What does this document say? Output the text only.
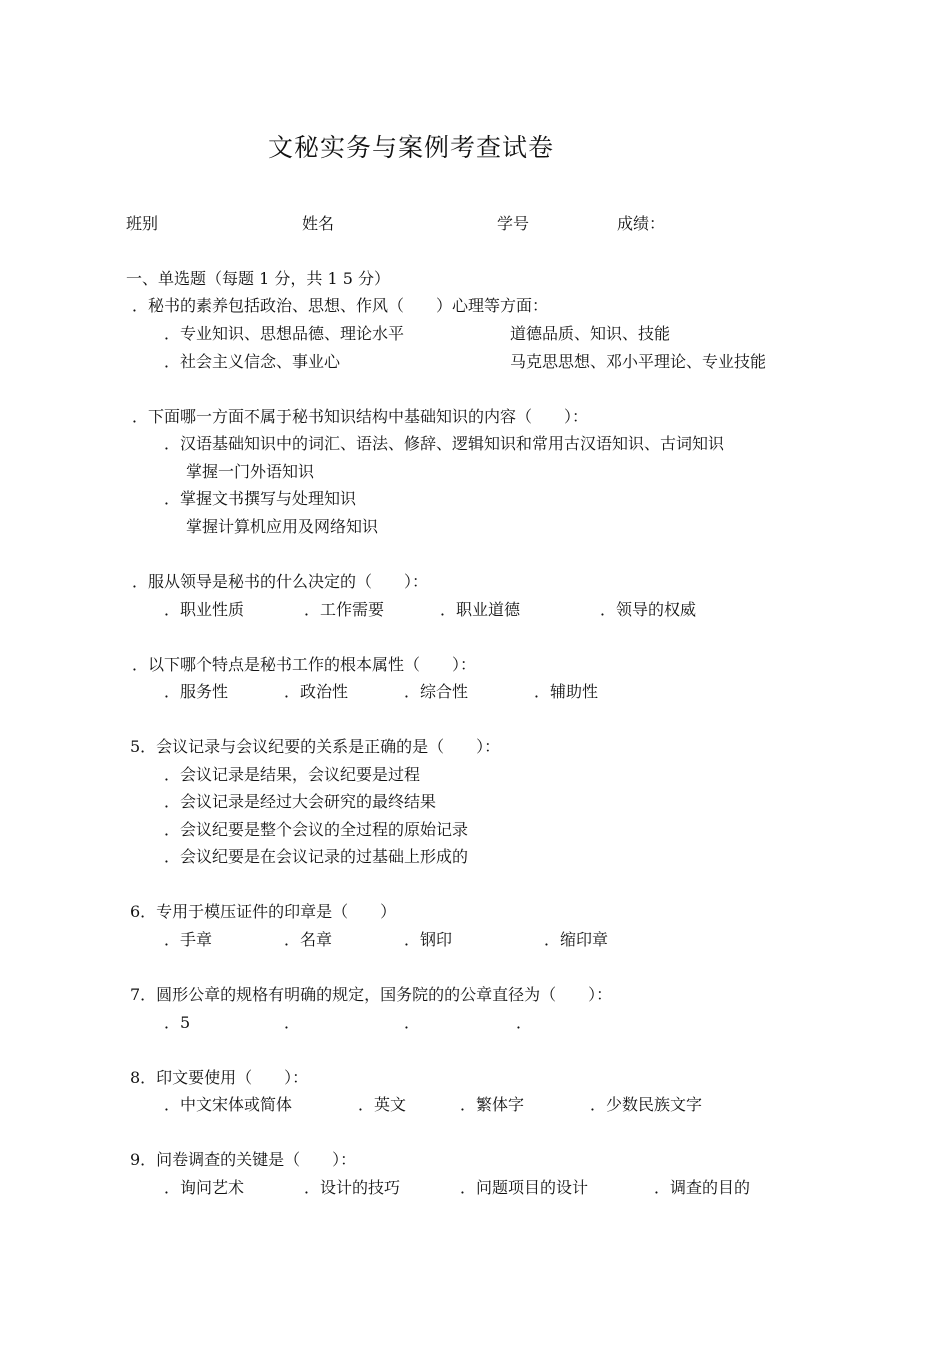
文秘实务与案例考查试卷
班别	姓名	学号	成绩：
一、单选题（每题 1 分，共 1 5 分）
．秘书的素养包括政治、思想、作风（　　）心理等方面：
．专业知识、思想品德、理论水平	道德品质、知识、技能
．社会主义信念、事业心	马克思思想、邓小平理论、专业技能
．下面哪一方面不属于秘书知识结构中基础知识的内容（　　）：
．汉语基础知识中的词汇、语法、修辞、逻辑知识和常用古汉语知识、古词知识
掌握一门外语知识
．掌握文书撰写与处理知识
掌握计算机应用及网络知识
．服从领导是秘书的什么决定的（　　）：
．职业性质	．工作需要	．职业道德	．领导的权威
．以下哪个特点是秘书工作的根本属性（　　）：
．服务性	．政治性	．综合性	．辅助性
5．会议记录与会议纪要的关系是正确的是（　　）：
．会议记录是结果，会议纪要是过程
．会议记录是经过大会研究的最终结果
．会议纪要是整个会议的全过程的原始记录
．会议纪要是在会议记录的过基础上形成的
6．专用于模压证件的印章是（　　）
．手章	．名章	．钢印	．缩印章
7．圆形公章的规格有明确的规定，国务院的的公章直径为（　　）：
．5	．	．	．
8．印文要使用（　　）：
．中文宋体或简体	．英文	．繁体字	．少数民族文字
9．问卷调查的关键是（　　）：
．询问艺术	．设计的技巧	．问题项目的设计	．调查的目的
